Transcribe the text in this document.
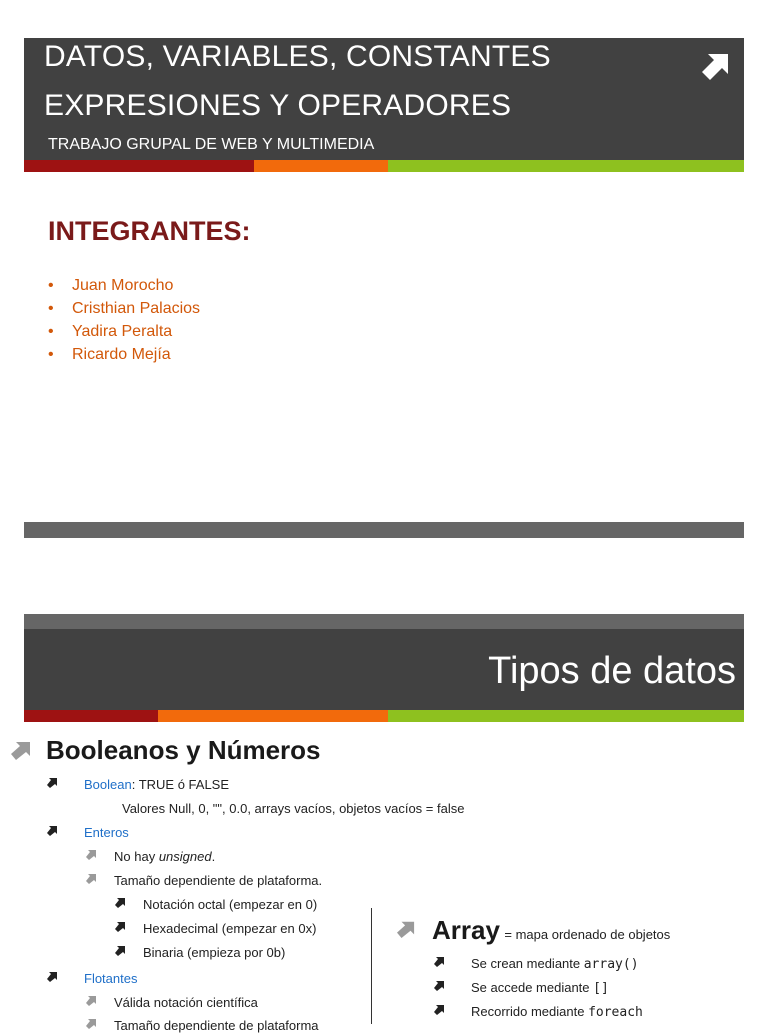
DATOS, VARIABLES, CONSTANTES
EXPRESIONES Y OPERADORES
TRABAJO GRUPAL DE WEB Y MULTIMEDIA
INTEGRANTES:
• Juan Morocho
• Cristhian Palacios
• Yadira Peralta
• Ricardo Mejía
Tipos de datos
Booleanos y Números
Boolean: TRUE ó FALSE
Valores Null, 0, "", 0.0, arrays vacíos, objetos vacíos = false
Enteros
No hay unsigned.
Tamaño dependiente de plataforma.
Notación octal (empezar en 0)
Hexadecimal (empezar en 0x)
Binaria (empieza por 0b)
Flotantes
Válida notación científica
Tamaño dependiente de plataforma
Array = mapa ordenado de objetos
Se crean mediante array()
Se accede mediante []
Recorrido mediante foreach
